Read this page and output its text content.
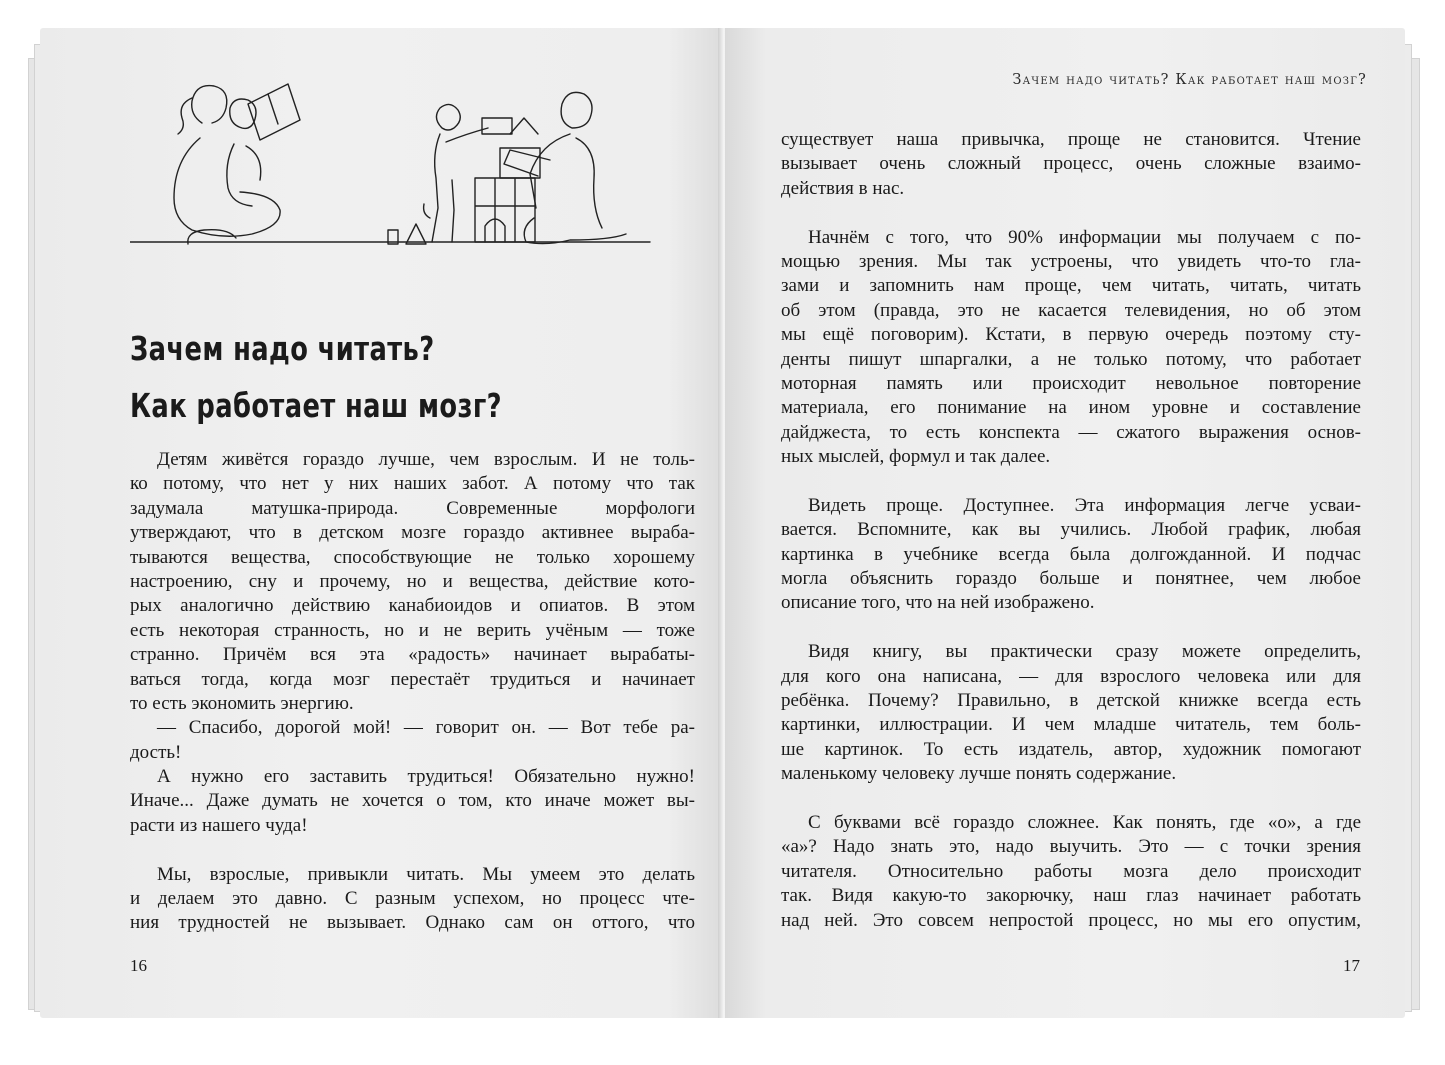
Зачем надо читать?
Как работает наш мозг?
Детям живётся гораздо лучше, чем взрослым. И не толь-
ко потому, что нет у них наших забот. А потому что так
задумала матушка-природа. Современные морфологи
утверждают, что в детском мозге гораздо активнее выраба-
тываются вещества, способствующие не только хорошему
настроению, сну и прочему, но и вещества, действие кото-
рых аналогично действию канабиоидов и опиатов. В этом
есть некоторая странность, но и не верить учёным — тоже
странно. Причём вся эта «радость» начинает вырабаты-
ваться тогда, когда мозг перестаёт трудиться и начинает
то есть экономить энергию.
— Спасибо, дорогой мой! — говорит он. — Вот тебе ра-
дость!
А нужно его заставить трудиться! Обязательно нужно!
Иначе... Даже думать не хочется о том, кто иначе может вы-
расти из нашего чуда!
Мы, взрослые, привыкли читать. Мы умеем это делать
и делаем это давно. С разным успехом, но процесс чте-
ния трудностей не вызывает. Однако сам он оттого, что
16
Зачем надо читать? Как работает наш мозг?
существует наша привычка, проще не становится. Чтение
вызывает очень сложный процесс, очень сложные взаимо-
действия в нас.
Начнём с того, что 90% информации мы получаем с по-
мощью зрения. Мы так устроены, что увидеть что-то гла-
зами и запомнить нам проще, чем читать, читать, читать
об этом (правда, это не касается телевидения, но об этом
мы ещё поговорим). Кстати, в первую очередь поэтому сту-
денты пишут шпаргалки, а не только потому, что работает
моторная память или происходит невольное повторение
материала, его понимание на ином уровне и составление
дайджеста, то есть конспекта — сжатого выражения основ-
ных мыслей, формул и так далее.
Видеть проще. Доступнее. Эта информация легче усваи-
вается. Вспомните, как вы учились. Любой график, любая
картинка в учебнике всегда была долгожданной. И подчас
могла объяснить гораздо больше и понятнее, чем любое
описание того, что на ней изображено.
Видя книгу, вы практически сразу можете определить,
для кого она написана, — для взрослого человека или для
ребёнка. Почему? Правильно, в детской книжке всегда есть
картинки, иллюстрации. И чем младше читатель, тем боль-
ше картинок. То есть издатель, автор, художник помогают
маленькому человеку лучше понять содержание.
С буквами всё гораздо сложнее. Как понять, где «о», а где
«а»? Надо знать это, надо выучить. Это — с точки зрения
читателя. Относительно работы мозга дело происходит
так. Видя какую-то закорючку, наш глаз начинает работать
над ней. Это совсем непростой процесс, но мы его опустим,
17
